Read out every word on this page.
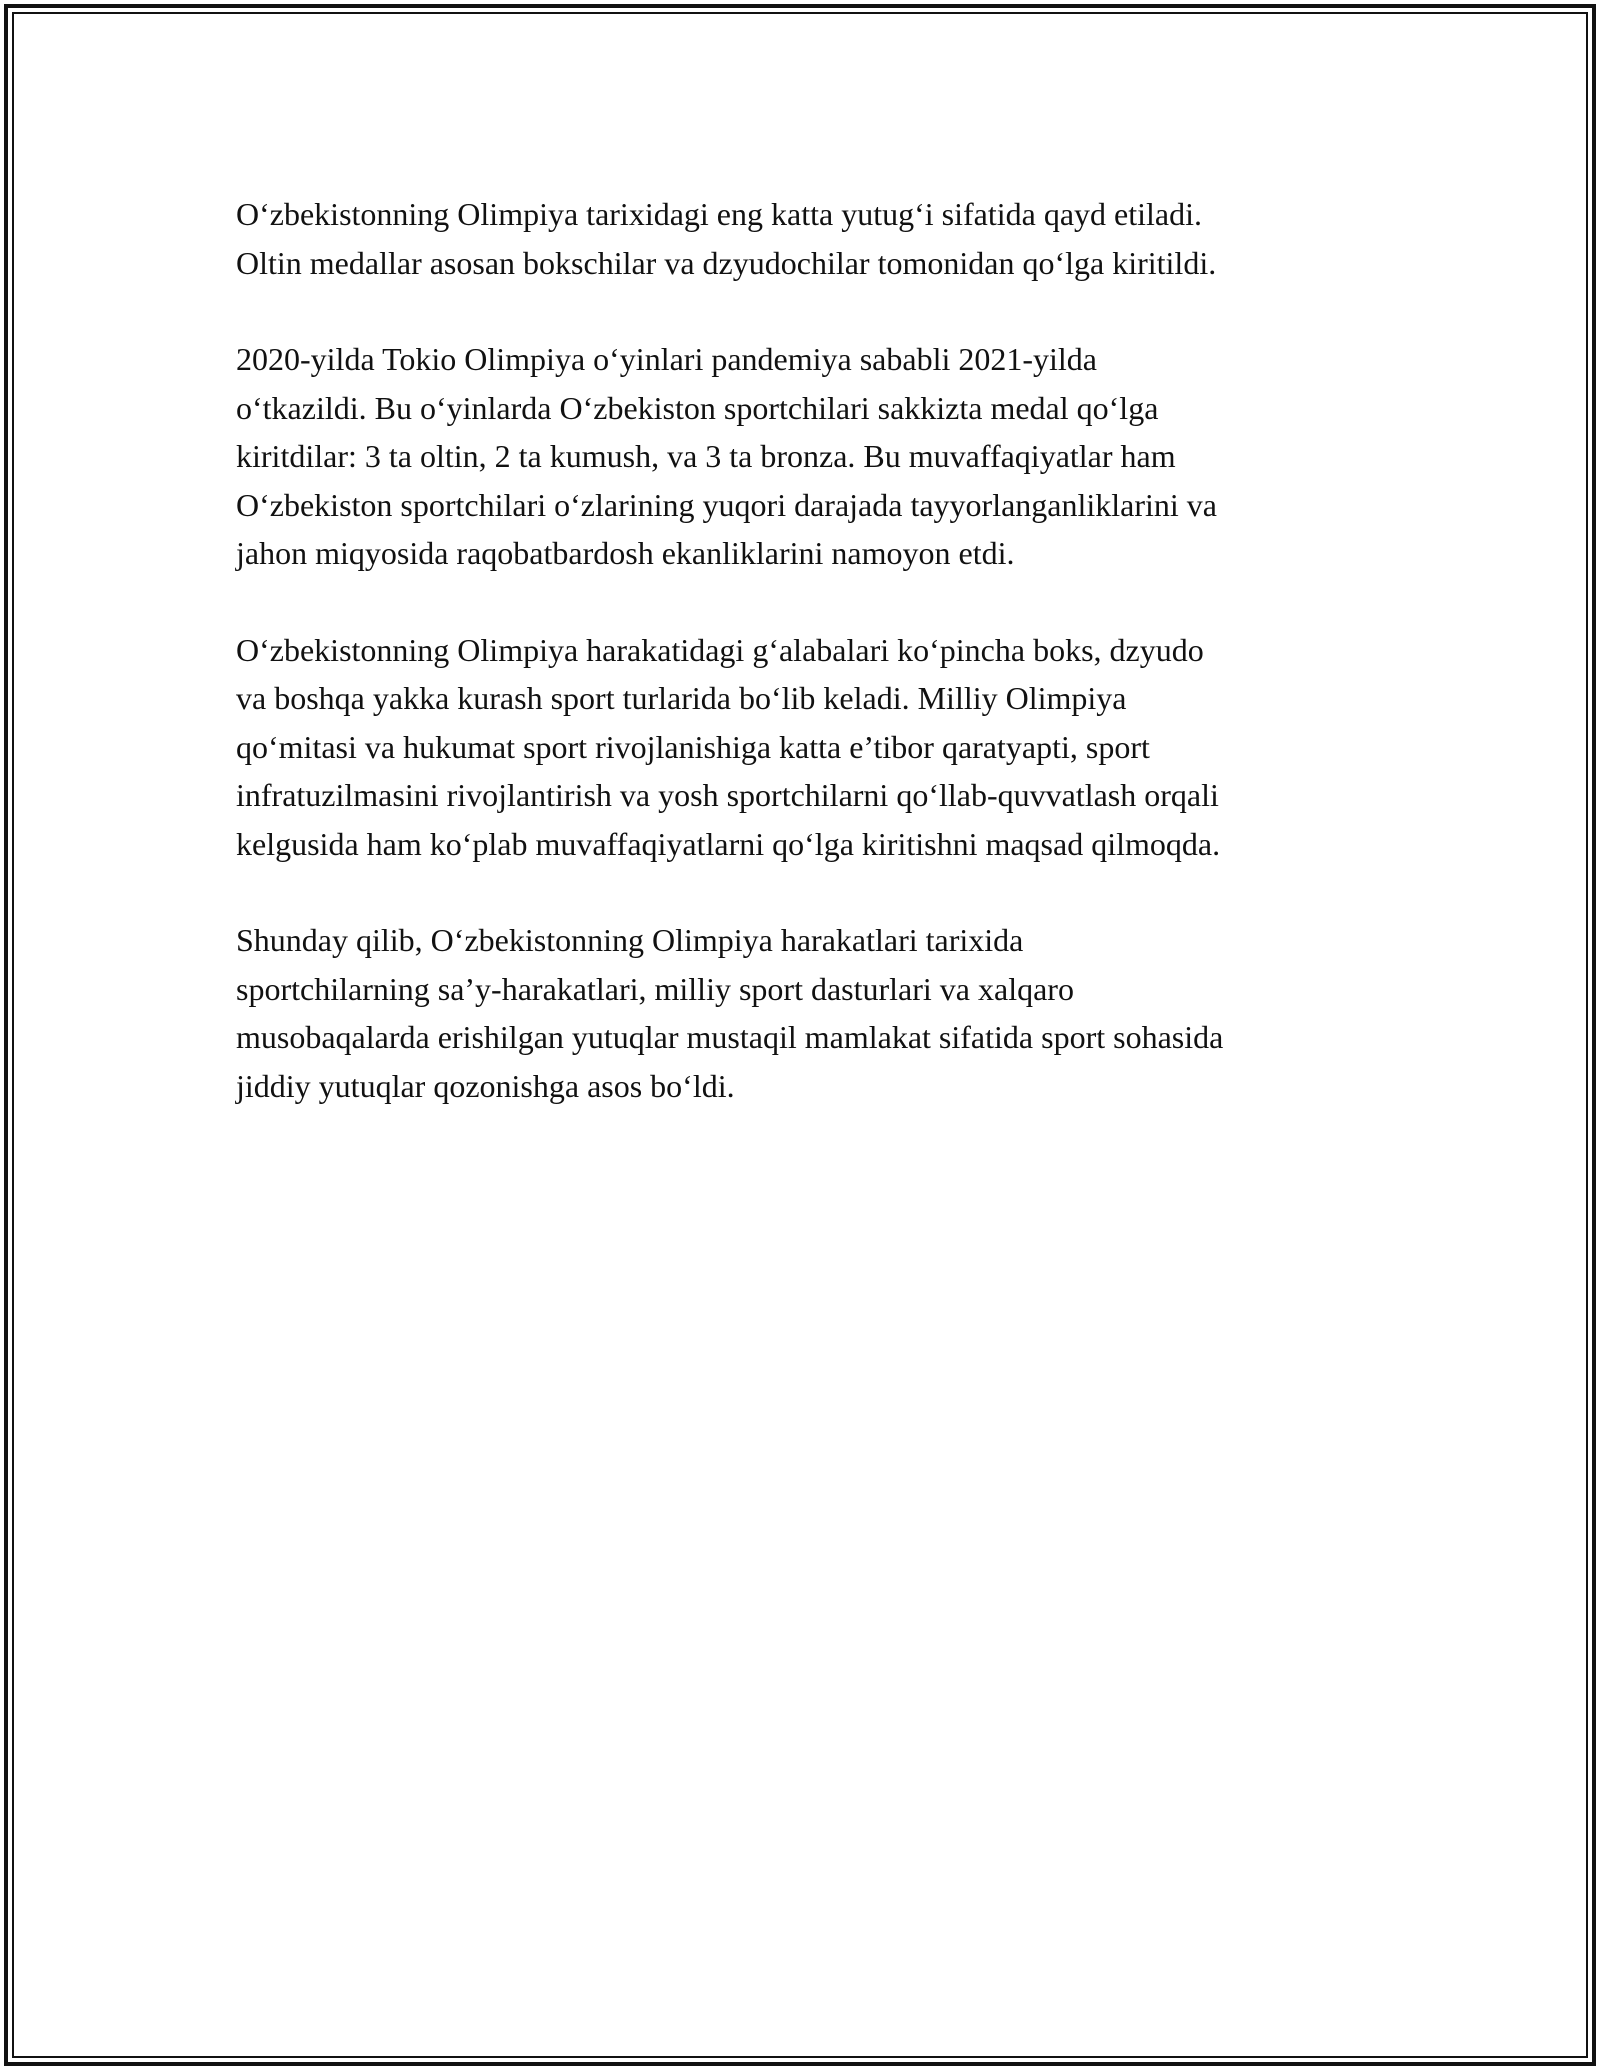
O‘zbekistonning Olimpiya tarixidagi eng katta yutug‘i sifatida qayd etiladi.
Oltin medallar asosan bokschilar va dzyudochilar tomonidan qo‘lga kiritildi.

2020-yilda Tokio Olimpiya o‘yinlari pandemiya sababli 2021-yilda
o‘tkazildi. Bu o‘yinlarda O‘zbekiston sportchilari sakkizta medal qo‘lga
kiritdilar: 3 ta oltin, 2 ta kumush, va 3 ta bronza. Bu muvaffaqiyatlar ham
O‘zbekiston sportchilari o‘zlarining yuqori darajada tayyorlanganliklarini va
jahon miqyosida raqobatbardosh ekanliklarini namoyon etdi.

O‘zbekistonning Olimpiya harakatidagi g‘alabalari ko‘pincha boks, dzyudo
va boshqa yakka kurash sport turlarida bo‘lib keladi. Milliy Olimpiya
qo‘mitasi va hukumat sport rivojlanishiga katta e’tibor qaratyapti, sport
infratuzilmasini rivojlantirish va yosh sportchilarni qo‘llab-quvvatlash orqali
kelgusida ham ko‘plab muvaffaqiyatlarni qo‘lga kiritishni maqsad qilmoqda.

Shunday qilib, O‘zbekistonning Olimpiya harakatlari tarixida
sportchilarning sa’y-harakatlari, milliy sport dasturlari va xalqaro
musobaqalarda erishilgan yutuqlar mustaqil mamlakat sifatida sport sohasida
jiddiy yutuqlar qozonishga asos bo‘ldi.
